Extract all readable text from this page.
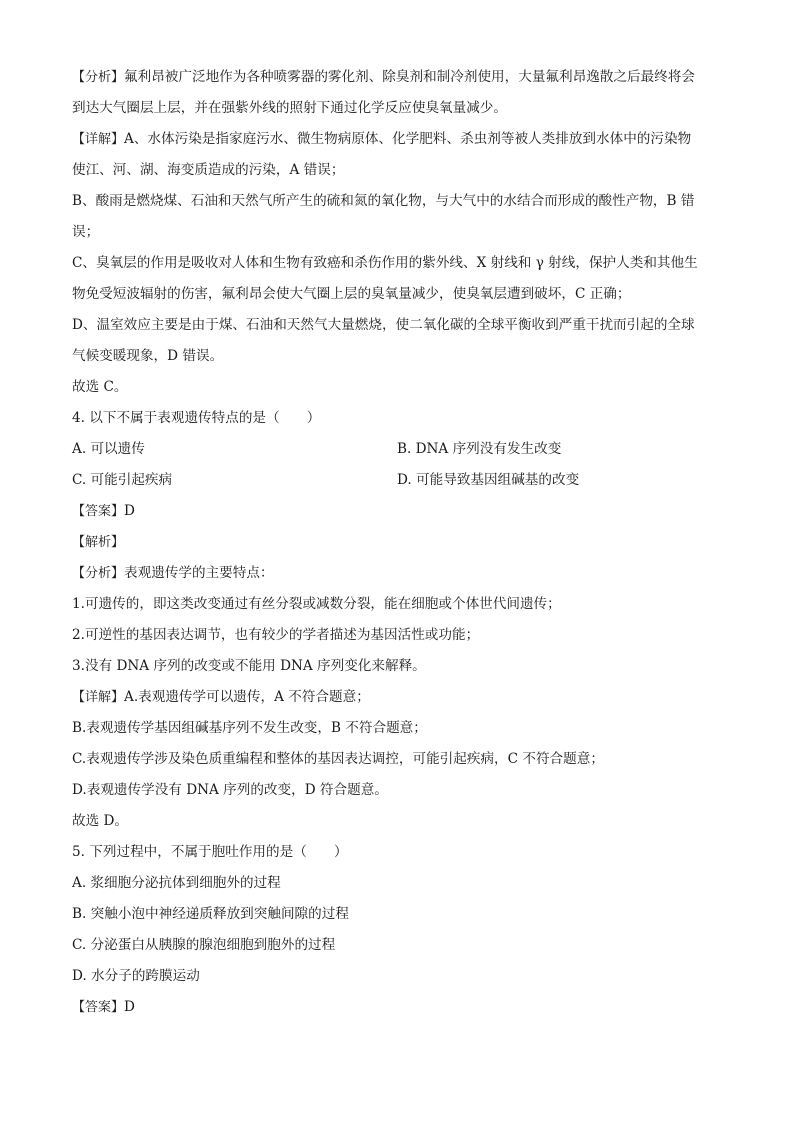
【分析】氟利昂被广泛地作为各种喷雾器的雾化剂、除臭剂和制冷剂使用，大量氟利昂逸散之后最终将会
到达大气圈层上层，并在强紫外线的照射下通过化学反应使臭氧量减少。
【详解】A、水体污染是指家庭污水、微生物病原体、化学肥料、杀虫剂等被人类排放到水体中的污染物
使江、河、湖、海变质造成的污染，A 错误；
B、酸雨是燃烧煤、石油和天然气所产生的硫和氮的氧化物，与大气中的水结合而形成的酸性产物，B 错
误；
C、臭氧层的作用是吸收对人体和生物有致癌和杀伤作用的紫外线、X 射线和 γ 射线，保护人类和其他生
物免受短波辐射的伤害，氟利昂会使大气圈上层的臭氧量减少，使臭氧层遭到破坏，C 正确；
D、温室效应主要是由于煤、石油和天然气大量燃烧，使二氧化碳的全球平衡收到严重干扰而引起的全球
气候变暖现象，D 错误。
故选 C。
4. 以下不属于表观遗传特点的是（　　）
A. 可以遗传	B. DNA 序列没有发生改变
C. 可能引起疾病	D. 可能导致基因组碱基的改变
【答案】D
【解析】
【分析】表观遗传学的主要特点：
1.可遗传的，即这类改变通过有丝分裂或减数分裂，能在细胞或个体世代间遗传；
2.可逆性的基因表达调节，也有较少的学者描述为基因活性或功能；
3.没有 DNA 序列的改变或不能用 DNA 序列变化来解释。
【详解】A.表观遗传学可以遗传，A 不符合题意；
B.表观遗传学基因组碱基序列不发生改变，B 不符合题意；
C.表观遗传学涉及染色质重编程和整体的基因表达调控，可能引起疾病，C 不符合题意；
D.表观遗传学没有 DNA 序列的改变，D 符合题意。
故选 D。
5. 下列过程中，不属于胞吐作用的是（　　）
A. 浆细胞分泌抗体到细胞外的过程
B. 突触小泡中神经递质释放到突触间隙的过程
C. 分泌蛋白从胰腺的腺泡细胞到胞外的过程
D. 水分子的跨膜运动
【答案】D
